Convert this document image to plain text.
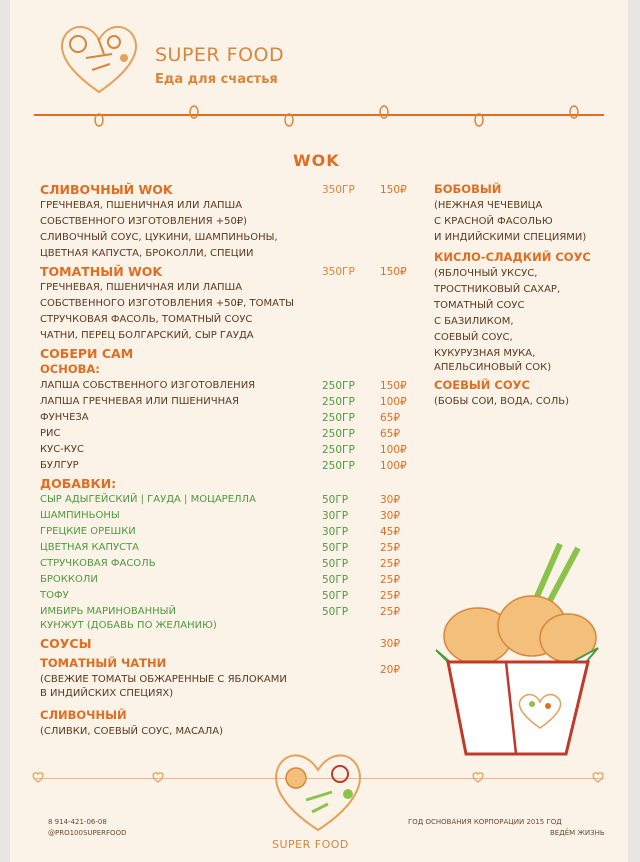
SUPER FOOD
Еда для счастья
WOK
СЛИВОЧНЫЙ WOK	350ГР 150₽
ГРЕЧНЕВАЯ, ПШЕНИЧНАЯ ИЛИ ЛАПША
СОБСТВЕННОГО ИЗГОТОВЛЕНИЯ +50₽)
СЛИВОЧНЫЙ СОУС, ЦУКИНИ, ШАМПИНЬОНЫ,
ЦВЕТНАЯ КАПУСТА, БРОКОЛЛИ, СПЕЦИИ
ТОМАТНЫЙ WOK	350ГР 150₽
ГРЕЧНЕВАЯ, ПШЕНИЧНАЯ ИЛИ ЛАПША
СОБСТВЕННОГО ИЗГОТОВЛЕНИЯ +50₽, ТОМАТЫ
СТРУЧКОВАЯ ФАСОЛЬ, ТОМАТНЫЙ СОУС
ЧАТНИ, ПЕРЕЦ БОЛГАРСКИЙ, СЫР ГАУДА
СОБЕРИ САМ
ОСНОВА:
ЛАПША СОБСТВЕННОГО ИЗГОТОВЛЕНИЯ	250ГР 150₽
ЛАПША ГРЕЧНЕВАЯ ИЛИ ПШЕНИЧНАЯ	250ГР 100₽
ФУНЧЕЗА	250ГР 65₽
РИС	250ГР 65₽
КУС-КУС	250ГР 100₽
БУЛГУР	250ГР 100₽
ДОБАВКИ:
СЫР АДЫГЕЙСКИЙ | ГАУДА | МОЦАРЕЛЛА	50ГР	30₽
ШАМПИНЬОНЫ	30ГР	30₽
ГРЕЦКИЕ ОРЕШКИ	30ГР	45₽
ЦВЕТНАЯ КАПУСТА	50ГР	25₽
СТРУЧКОВАЯ ФАСОЛЬ	50ГР	25₽
БРОККОЛИ	50ГР	25₽
ТОФУ	50ГР	25₽
ИМБИРЬ МАРИНОВАННЫЙ	50ГР	25₽
КУНЖУТ (ДОБАВЬ ПО ЖЕЛАНИЮ)
СОУСЫ	30₽
ТОМАТНЫЙ ЧАТНИ	20₽
(СВЕЖИЕ ТОМАТЫ ОБЖАРЕННЫЕ С ЯБЛОКАМИ
В ИНДИЙСКИХ СПЕЦИЯХ)
СЛИВОЧНЫЙ
(СЛИВКИ, СОЕВЫЙ СОУС, МАСАЛА)
БОБОВЫЙ
(НЕЖНАЯ ЧЕЧЕВИЦА
С КРАСНОЙ ФАСОЛЬЮ
И ИНДИЙСКИМИ СПЕЦИЯМИ)
КИСЛО-СЛАДКИЙ СОУС
(ЯБЛОЧНЫЙ УКСУС,
ТРОСТНИКОВЫЙ САХАР,
ТОМАТНЫЙ СОУС
С БАЗИЛИКОМ,
СОЕВЫЙ СОУС,
КУКУРУЗНАЯ МУКА,
АПЕЛЬСИНОВЫЙ СОК)
СОЕВЫЙ СОУС
(БОБЫ СОИ, ВОДА, СОЛЬ)
SUPER FOOD
8 914-421-06-08
@PRO100SUPERFOOD
ГОД ОСНОВАНИЯ КОРПОРАЦИИ 2015 ГОД
ВЕДЁМ ЖИЗНЬ
